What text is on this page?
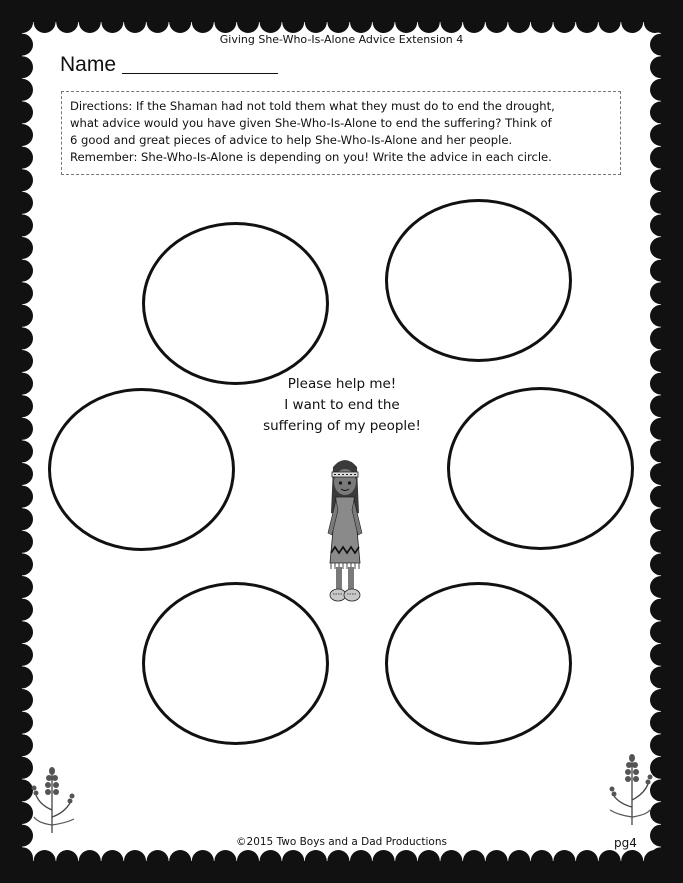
Giving She-Who-Is-Alone Advice Extension 4
Name
Directions: If the Shaman had not told them what they must do to end the drought,
what advice would you have given She-Who-Is-Alone to end the suffering? Think of
6 good and great pieces of advice to help She-Who-Is-Alone and her people.
Remember: She-Who-Is-Alone is depending on you! Write the advice in each circle.
Please help me!
I want to end the
suffering of my people!
©2015 Two Boys and a Dad Productions	pg4
